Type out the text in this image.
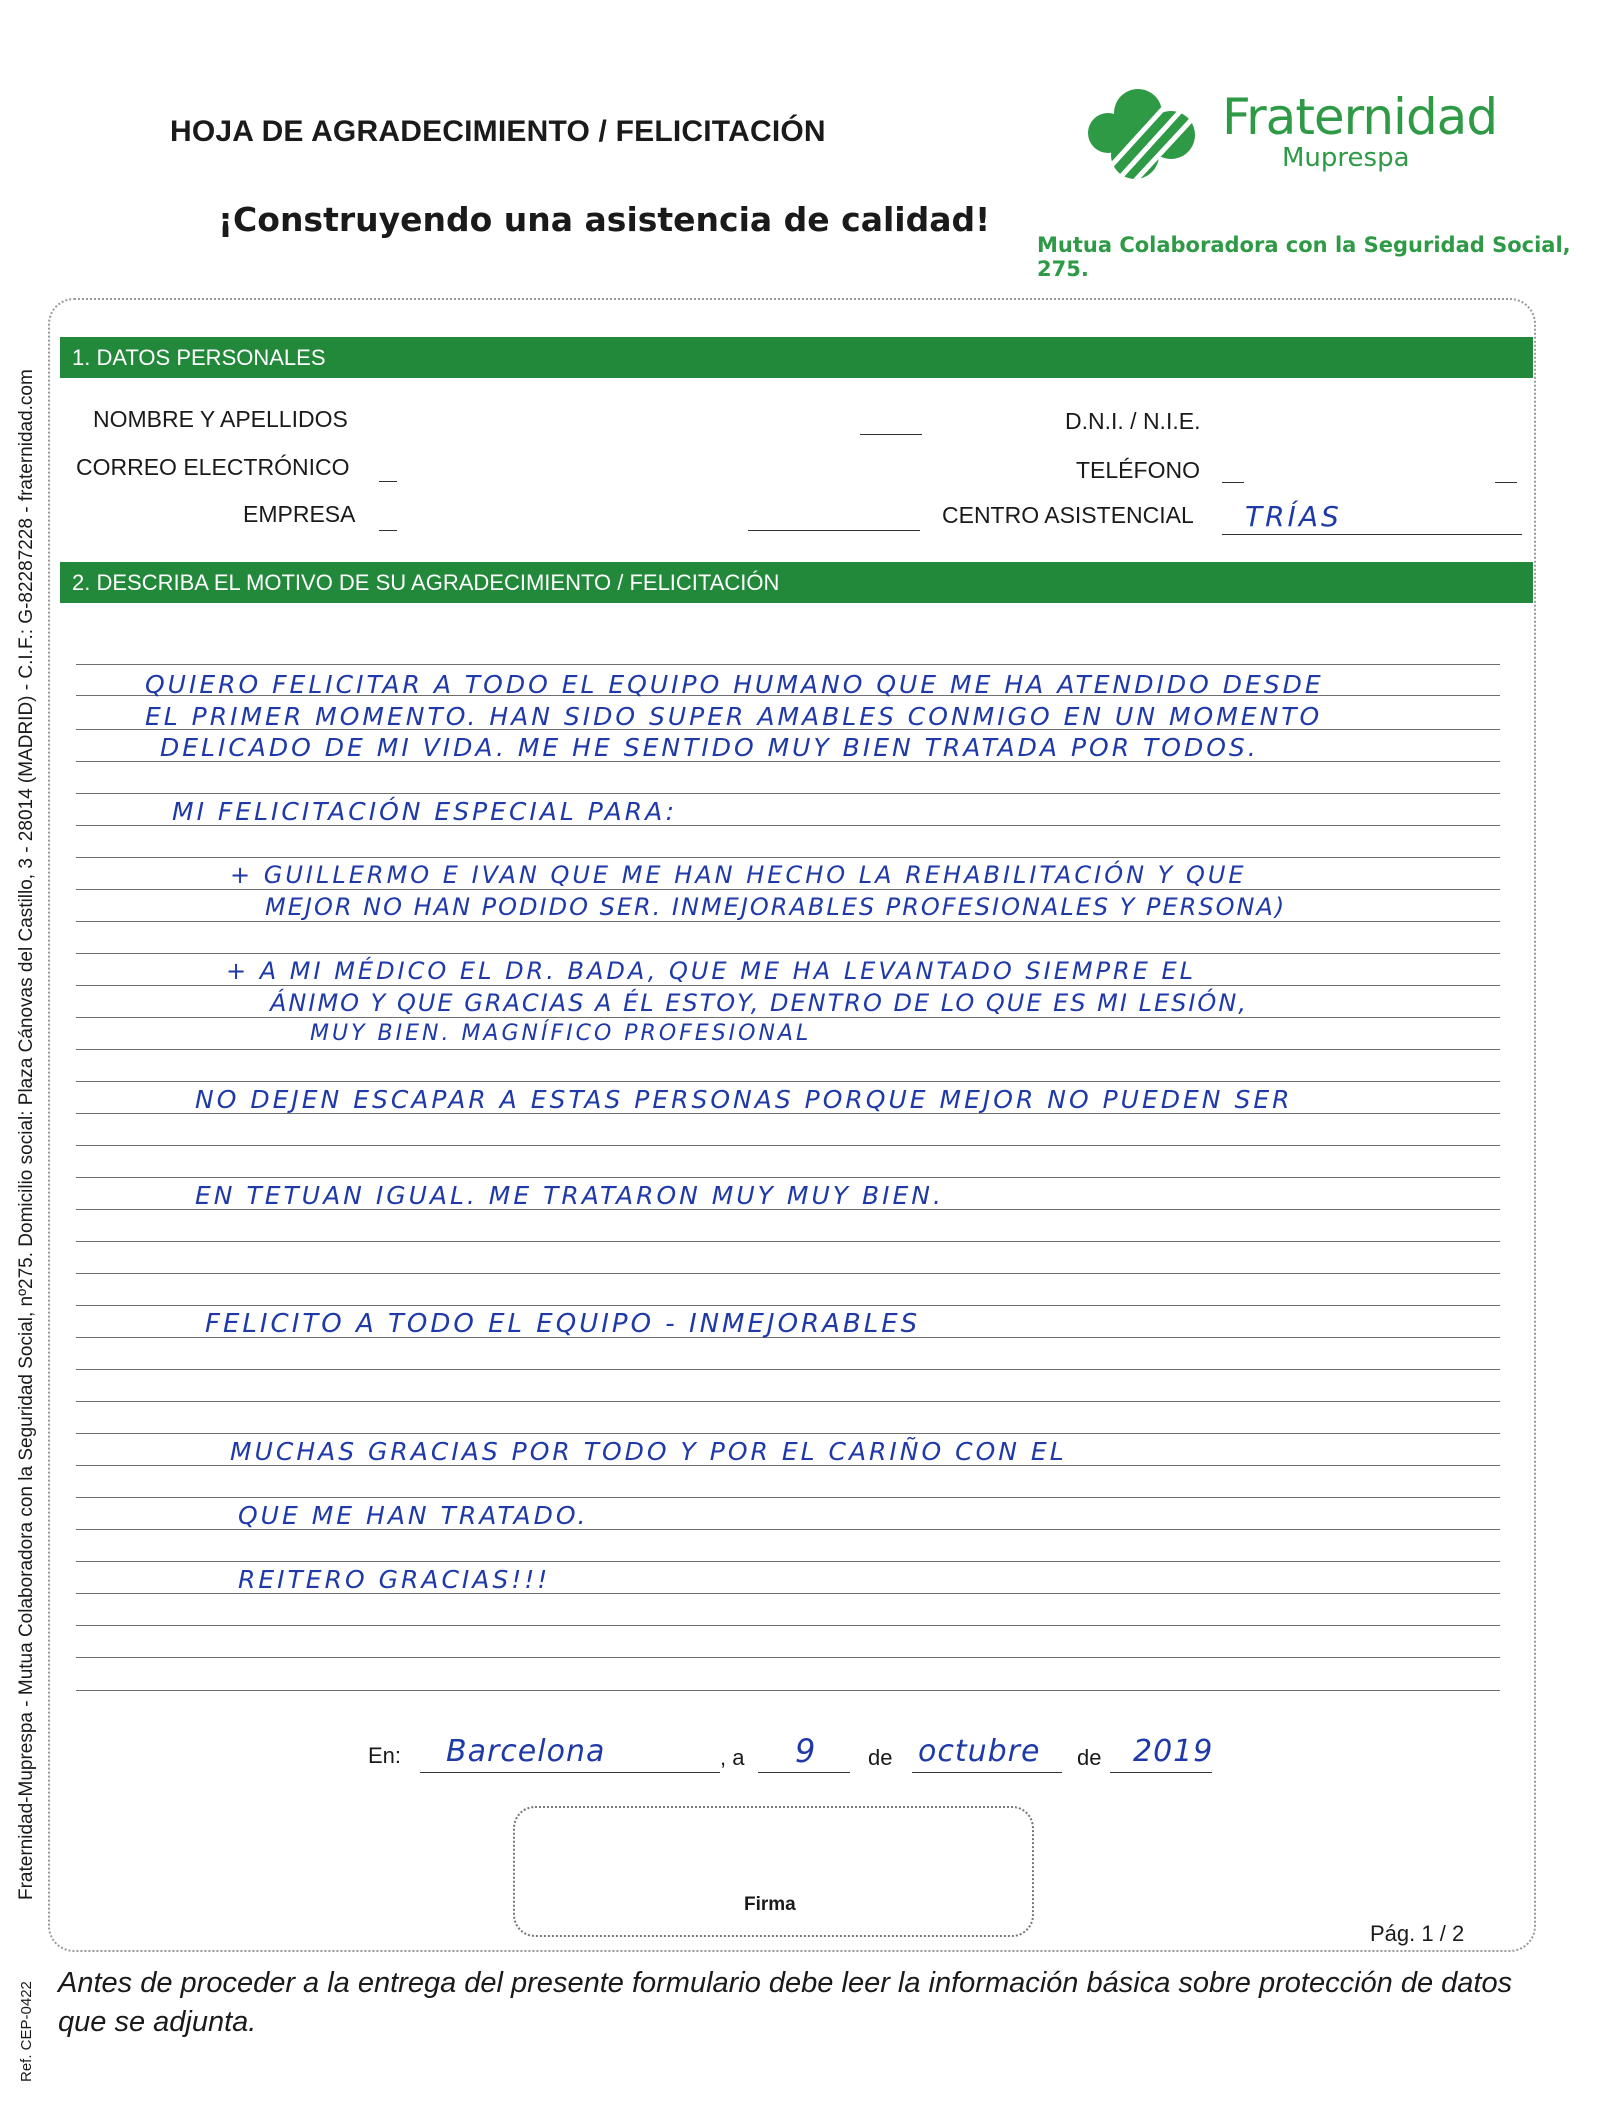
Fraternidad-Muprespa - Mutua Colaboradora con la Seguridad Social, nº275. Domicilio social: Plaza Cánovas del Castillo, 3 - 28014 (MADRID) - C.I.F.: G-82287228 - fraternidad.com
Ref. CEP-0422
HOJA DE AGRADECIMIENTO / FELICITACIÓN
¡Construyendo una asistencia de calidad!
Fraternidad
Muprespa
Mutua Colaboradora con la Seguridad Social, 275.
1. DATOS PERSONALES
NOMBRE Y APELLIDOS	D.N.I. / N.I.E.
CORREO ELECTRÓNICO	TELÉFONO
EMPRESA	CENTRO ASISTENCIAL TRÍAS
2. DESCRIBA EL MOTIVO DE SU AGRADECIMIENTO / FELICITACIÓN
QUIERO FELICITAR A TODO EL EQUIPO HUMANO QUE ME HA ATENDIDO DESDE
EL PRIMER MOMENTO. HAN SIDO SUPER AMABLES CONMIGO EN UN MOMENTO
DELICADO DE MI VIDA. ME HE SENTIDO MUY BIEN TRATADA POR TODOS.
MI FELICITACIÓN ESPECIAL PARA:
+ GUILLERMO E IVAN QUE ME HAN HECHO LA REHABILITACIÓN Y QUE
MEJOR NO HAN PODIDO SER. INMEJORABLES PROFESIONALES Y PERSONA)
+ A MI MÉDICO EL DR. BADA, QUE ME HA LEVANTADO SIEMPRE EL
ÁNIMO Y QUE GRACIAS A ÉL ESTOY, DENTRO DE LO QUE ES MI LESIÓN,
MUY BIEN. MAGNÍFICO PROFESIONAL
NO DEJEN ESCAPAR A ESTAS PERSONAS PORQUE MEJOR NO PUEDEN SER
EN TETUAN IGUAL. ME TRATARON MUY MUY BIEN.
FELICITO A TODO EL EQUIPO - INMEJORABLES
MUCHAS GRACIAS POR TODO Y POR EL CARIÑO CON EL
QUE ME HAN TRATADO.
REITERO GRACIAS!!!
En: Barcelona	, a 9 de octubre de 2019
Firma
Pág. 1 / 2
Antes de proceder a la entrega del presente formulario debe leer la información básica sobre protección de datos que se adjunta.
